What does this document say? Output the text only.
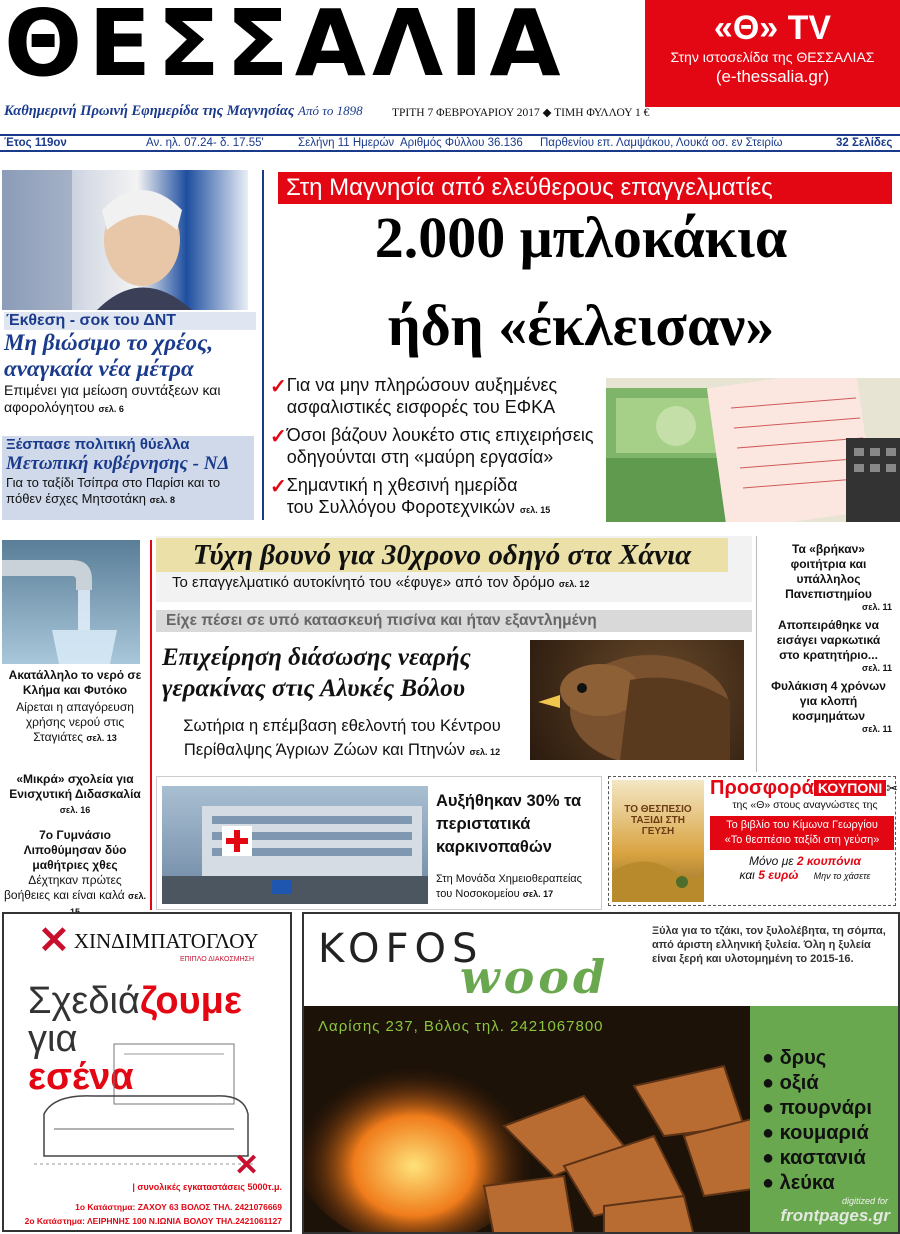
ΘΕΣΣΑΛΙΑ	«Θ» TV
Στην ιστοσελίδα της ΘΕΣΣΑΛΙΑΣ
(e-thessalia.gr)
Καθημερινή Πρωινή Εφημερίδα της Μαγνησίας Από το 1898	ΤΡΙΤΗ 7 ΦΕΒΡΟΥΑΡΙΟΥ 2017 ◆ ΤΙΜΗ ΦΥΛΛΟΥ 1 €
Έτος 119ον	Αν. ηλ. 07.24- δ. 17.55'	Σελήνη 11 Ημερών Αριθμός Φύλλου 36.136 Παρθενίου επ. Λαμψάκου, Λουκά οσ. εν Στειρίω	32 Σελίδες
Έκθεση - σοκ του ΔΝΤ
Μη βιώσιμο το χρέος, αναγκαία νέα μέτρα
Επιμένει για μείωση συντάξεων και αφορολόγητου σελ. 6
Ξέσπασε πολιτική θύελλα
Μετωπική κυβέρνησης - ΝΔ
Για το ταξίδι Τσίπρα στο Παρίσι και το πόθεν έσχες Μητσοτάκη σελ. 8
Στη Μαγνησία από ελεύθερους επαγγελματίες
2.000 μπλοκάκια
ήδη «έκλεισαν»
✓ Για να μην πληρώσουν αυξημένες
ασφαλιστικές εισφορές του ΕΦΚΑ
✓ Όσοι βάζουν λουκέτο στις επιχειρήσεις
οδηγούνται στη «μαύρη εργασία»
✓ Σημαντική η χθεσινή ημερίδα
του Συλλόγου Φοροτεχνικών σελ. 15
Ακατάλληλο το νερό σε Κλήμα και Φυτόκο
Αίρεται η απαγόρευση χρήσης νερού στις Σταγιάτες σελ. 13
«Μικρά» σχολεία για Ενισχυτική Διδασκαλία σελ. 16
7ο Γυμνάσιο Λιποθύμησαν δύο μαθήτριες χθες
Δέχτηκαν πρώτες βοήθειες και είναι καλά σελ.
Τύχη βουνό για 30χρονο οδηγό στα Χάνια
Το επαγγελματικό αυτοκίνητό του «έφυγε» από τον δρόμο σελ. 12
Είχε πέσει σε υπό κατασκευή πισίνα και ήταν εξαντλημένη
Επιχείρηση διάσωσης νεαρής γερακίνας στις Αλυκές Βόλου
Σωτήρια η επέμβαση εθελοντή του Κέντρου Περίθαλψης Άγριων Ζώων και Πτηνών σελ. 12
Τα «βρήκαν» φοιτήτρια και υπάλληλος Πανεπιστημίου
σελ. 11
Αποπειράθηκε να εισάγει ναρκωτικά στο κρατητήριο...
σελ. 11
Φυλάκιση 4 χρόνων για κλοπή κοσμημάτων
σελ. 11
Αυξήθηκαν 30% τα περιστατικά καρκινοπαθών
Στη Μονάδα Χημειοθεραπείας του Νοσοκομείου σελ. 17
ΤΟ ΘΕΣΠΕΣΙΟ ΤΑΞΙΔΙ ΣΤΗ ΓΕΥΣΗ
Προσφορά ΚΟΥΠΟΝΙ ✂
της «Θ» στους αναγνώστες της
Το βιβλίο του Κίμωνα Γεωργίου
«Το θεσπέσιο ταξίδι στη γεύση»
Μόνο με 2 κουπόνια
και 5 ευρώ Μην το χάσετε
✕ ΧΙΝΔΙΜΠΑΤΟΓΛΟΥ
ΕΠΙΠΛΟ ΔΙΑΚΟΣΜΗΣΗ
Σχεδιάζουμε
για
εσένα
✕
| συνολικές εγκαταστάσεις 5000τ.μ.
1ο Κατάστημα: ΖΑΧΟΥ 63 ΒΟΛΟΣ ΤΗΛ. 2421076669
2ο Κατάστημα: ΛΕΙΡΗΝΗΣ 100 Ν.ΙΩΝΙΑ ΒΟΛΟΥ ΤΗΛ.2421061127
KOFOS
wood
Ξύλα για το τζάκι, τον ξυλολέβητα, τη σόμπα, από άριστη ελληνική ξυλεία. Όλη η ξυλεία είναι ξερή και υλοτομημένη το 2015-16.
Λαρίσης 237, Βόλος τηλ. 2421067800
● δρυς
● οξιά
● πουρνάρι
● κουμαριά
● καστανιά
● λεύκα
digitized for
frontpages.gr
